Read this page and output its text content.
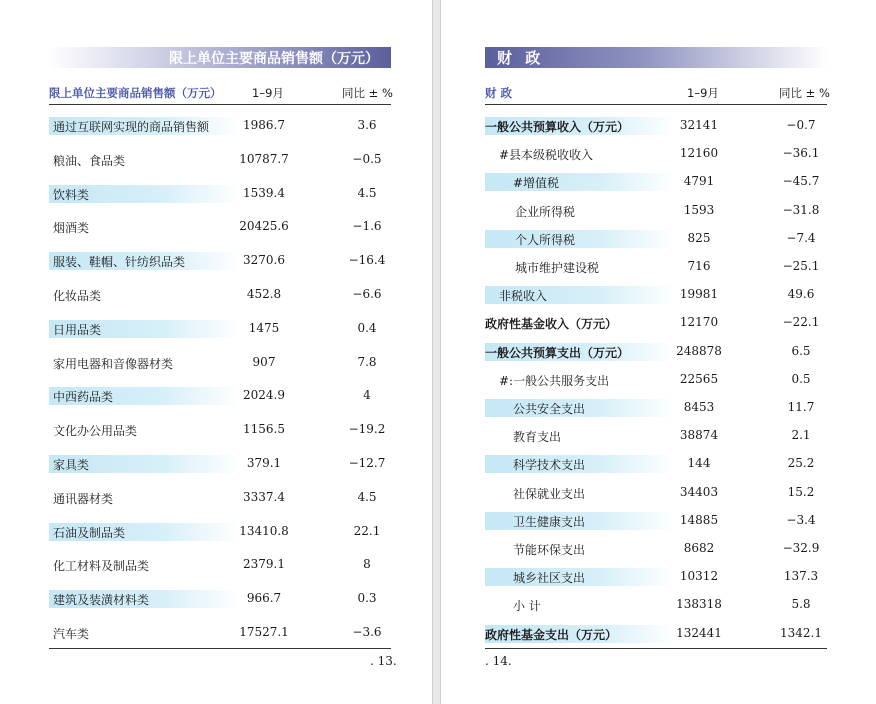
限上单位主要商品销售额（万元）
限上单位主要商品销售额（万元）	1–9月	同比 ± %
通过互联网实现的商品销售额	1986.7	3.6
粮油、食品类	10787.7	−0.5
饮料类	1539.4	4.5
烟酒类	20425.6	−1.6
服装、鞋帽、针纺织品类	3270.6	−16.4
化妆品类	452.8	−6.6
日用品类	1475	0.4
家用电器和音像器材类	907	7.8
中西药品类	2024.9	4
文化办公用品类	1156.5	−19.2
家具类	379.1	−12.7
通讯器材类	3337.4	4.5
石油及制品类	13410.8	22.1
化工材料及制品类	2379.1	8
建筑及装潢材料类	966.7	0.3
汽车类	17527.1	−3.6
. 13.
财 政
财 政	1–9月	同比 ± %
一般公共预算收入（万元）	32141	−0.7
#县本级税收收入	12160	−36.1
#增值税	4791	−45.7
企业所得税	1593	−31.8
个人所得税	825	−7.4
城市维护建设税	716	−25.1
非税收入	19981	49.6
政府性基金收入（万元）	12170	−22.1
一般公共预算支出（万元）	248878	6.5
#:一般公共服务支出	22565	0.5
公共安全支出	8453	11.7
教育支出	38874	2.1
科学技术支出	144	25.2
社保就业支出	34403	15.2
卫生健康支出	14885	−3.4
节能环保支出	8682	−32.9
城乡社区支出	10312	137.3
小 计	138318	5.8
政府性基金支出（万元）	132441	1342.1
. 14.
